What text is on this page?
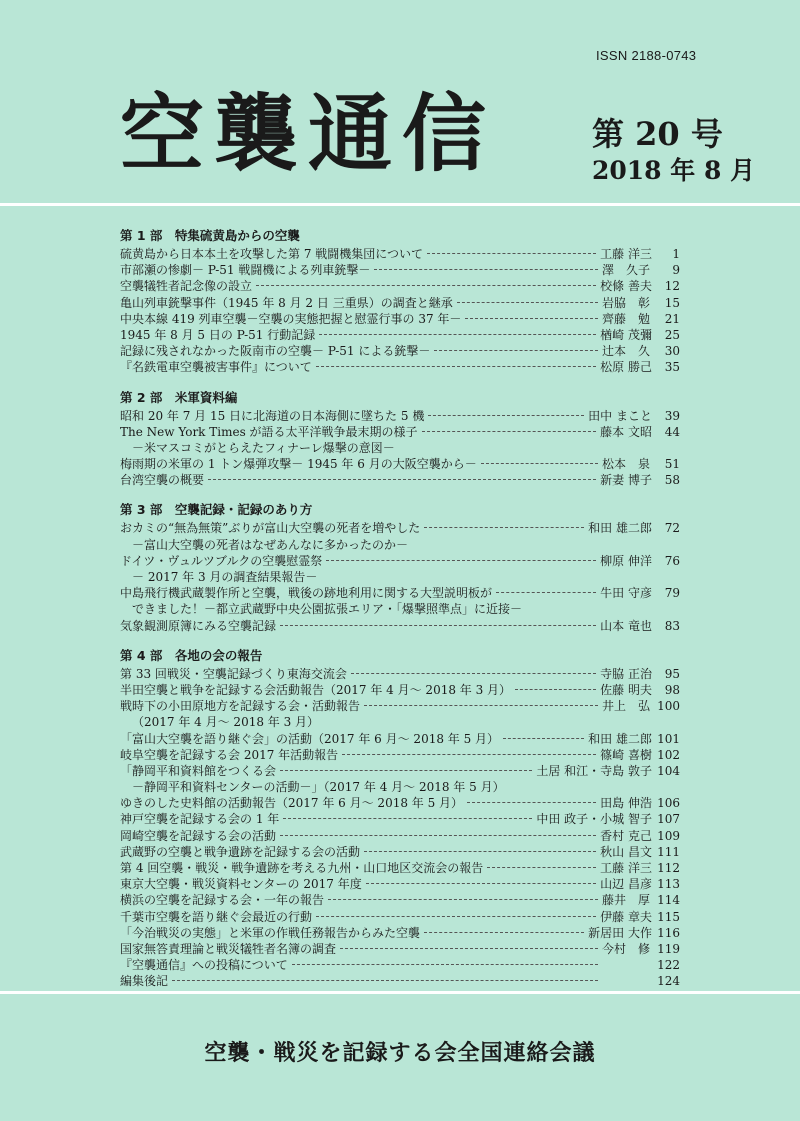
ISSN 2188-0743
空襲通信	第 20 号
2018 年 8 月
第 1 部　特集硫黄島からの空襲
硫黄島から日本本土を攻撃した第 7 戦闘機集団について	工藤 洋三	1
市部瀬の惨劇－ P-51 戦闘機による列車銃撃－	澤　久子	9
空襲犠牲者記念像の設立	校條 善夫	12
亀山列車銃撃事件（1945 年 8 月 2 日 三重県）の調査と継承	岩脇　彰	15
中央本線 419 列車空襲－空襲の実態把握と慰霊行事の 37 年－	齊藤　勉	21
1945 年 8 月 5 日の P-51 行動記録	楢崎 茂彌	25
記録に残されなかった阪南市の空襲－ P-51 による銃撃－	辻本　久	30
『名鉄電車空襲被害事件』について	松原 勝己	35
第 2 部　米軍資料編
昭和 20 年 7 月 15 日に北海道の日本海側に墜ちた 5 機	田中 まこと	39
The New York Times が語る太平洋戦争最末期の様子	藤本 文昭	44
－米マスコミがとらえたフィナーレ爆撃の意図－
梅雨期の米軍の 1 トン爆弾攻撃－ 1945 年 6 月の大阪空襲から－	松本　泉	51
台湾空襲の概要	新妻 博子	58
第 3 部　空襲記録・記録のあり方
おカミの“無為無策”ぶりが富山大空襲の死者を増やした	和田 雄二郎	72
－富山大空襲の死者はなぜあんなに多かったのか－
ドイツ・ヴュルツブルクの空襲慰霊祭	柳原 伸洋	76
－ 2017 年 3 月の調査結果報告－
中島飛行機武蔵製作所と空襲，戦後の跡地利用に関する大型説明板が	牛田 守彦	79
できました！－都立武蔵野中央公園拡張エリア・「爆撃照準点」に近接－
気象観測原簿にみる空襲記録	山本 竜也	83
第 4 部　各地の会の報告
第 33 回戦災・空襲記録づくり東海交流会	寺脇 正治	95
半田空襲と戦争を記録する会活動報告（2017 年 4 月～ 2018 年 3 月）	佐藤 明夫	98
戦時下の小田原地方を記録する会・活動報告	井上　弘 100
（2017 年 4 月～ 2018 年 3 月）
「富山大空襲を語り継ぐ会」の活動（2017 年 6 月～ 2018 年 5 月）	和田 雄二郎 101
岐阜空襲を記録する会 2017 年活動報告	篠崎 喜樹 102
「静岡平和資料館をつくる会	土居 和江・寺島 敦子 104
－静岡平和資料センターの活動－」（2017 年 4 月～ 2018 年 5 月）
ゆきのした史料館の活動報告（2017 年 6 月～ 2018 年 5 月）	田島 伸浩 106
神戸空襲を記録する会の 1 年	中田 政子・小城 智子 107
岡崎空襲を記録する会の活動	香村 克己 109
武蔵野の空襲と戦争遺跡を記録する会の活動	秋山 昌文 111
第 4 回空襲・戦災・戦争遺跡を考える九州・山口地区交流会の報告	工藤 洋三 112
東京大空襲・戦災資料センターの 2017 年度	山辺 昌彦 113
横浜の空襲を記録する会・一年の報告	藤井　厚 114
千葉市空襲を語り継ぐ会最近の行動	伊藤 章夫 115
「今治戦災の実態」と米軍の作戦任務報告からみた空襲	新居田 大作 116
国家無答責理論と戦災犠牲者名簿の調査	今村　修 119
『空襲通信』への投稿について	122
編集後記	124
空襲・戦災を記録する会全国連絡会議
